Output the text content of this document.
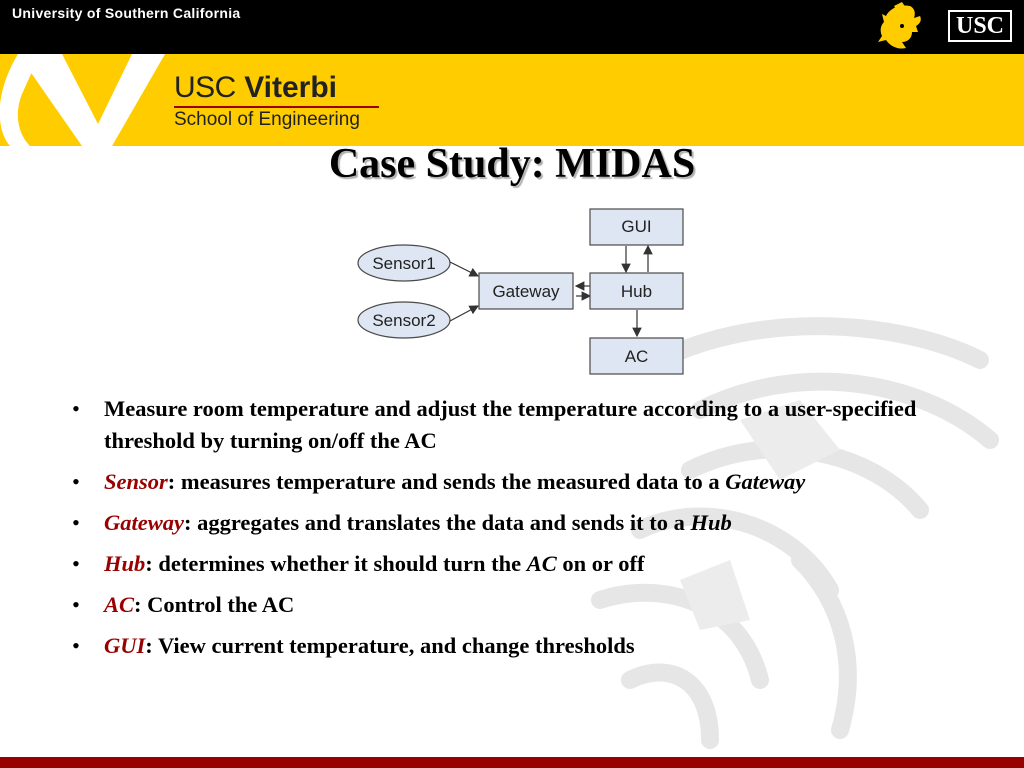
University of Southern California	USC
USC Viterbi
School of Engineering
Case Study: MIDAS
GUI
Hub
AC
Gateway
Sensor1
Sensor2
• Measure room temperature and adjust the temperature according to a user-specified threshold by turning on/off the AC
• Sensor: measures temperature and sends the measured data to a Gateway
• Gateway: aggregates and translates the data and sends it to a Hub
• Hub: determines whether it should turn the AC on or off
• AC: Control the AC
• GUI: View current temperature, and change thresholds
